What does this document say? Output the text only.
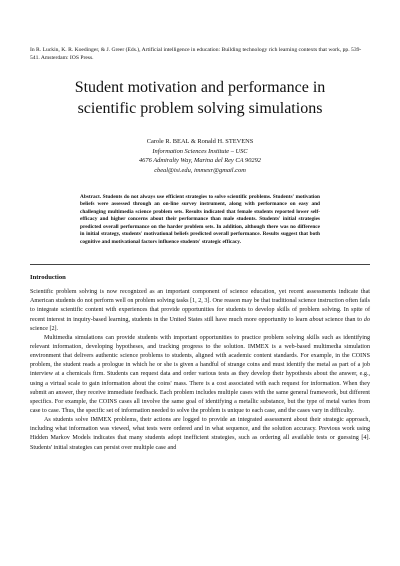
In R. Luckin, K. R. Koedinger, & J. Greer (Eds.), Artificial intelligence in education: Building technology rich learning contexts that work, pp. 539-541. Amsterdam: IOS Press.

Student motivation and performance in
scientific problem solving simulations
Carole R. BEAL & Ronald H. STEVENS
Information Sciences Institute – USC
4676 Admiralty Way, Marina del Rey CA 90292
cbeal@isi.edu, immexr@gmail.com
Abstract. Students do not always use efficient strategies to solve scientific problems. Students' motivation beliefs were assessed through an on-line survey instrument, along with performance on easy and challenging multimedia science problem sets. Results indicated that female students reported lower self-efficacy and higher concerns about their performance than male students. Students' initial strategies predicted overall performance on the harder problem sets. In addition, although there was no difference in initial strategy, students' motivational beliefs predicted overall performance. Results suggest that both cognitive and motivational factors influence students' strategic efficacy.
Introduction

Scientific problem solving is now recognized as an important component of science education, yet recent assessments indicate that American students do not perform well on problem solving tasks [1, 2, 3]. One reason may be that traditional science instruction often fails to integrate scientific content with experiences that provide opportunities for students to develop skills of problem solving. In spite of recent interest in inquiry-based learning, students in the United States still have much more opportunity to learn about science than to do science [2].

Multimedia simulations can provide students with important opportunities to practice problem solving skills such as identifying relevant information, developing hypotheses, and tracking progress to the solution. IMMEX is a web-based multimedia simulation environment that delivers authentic science problems to students, aligned with academic content standards. For example, in the COINS problem, the student reads a prologue in which he or she is given a handful of strange coins and must identify the metal as part of a job interview at a chemicals firm. Students can request data and order various tests as they develop their hypothesis about the answer, e.g., using a virtual scale to gain information about the coins' mass. There is a cost associated with each request for information. When they submit an answer, they receive immediate feedback. Each problem includes multiple cases with the same general framework, but different specifics. For example, the COINS cases all involve the same goal of identifying a metallic substance, but the type of metal varies from case to case. Thus, the specific set of information needed to solve the problem is unique to each case, and the cases vary in difficulty.

As students solve IMMEX problems, their actions are logged to provide an integrated assessment about their strategic approach, including what information was viewed, what tests were ordered and in what sequence, and the solution accuracy. Previous work using Hidden Markov Models indicates that many students adopt inefficient strategies, such as ordering all available tests or guessing [4]. Students' initial strategies can persist over multiple case and
